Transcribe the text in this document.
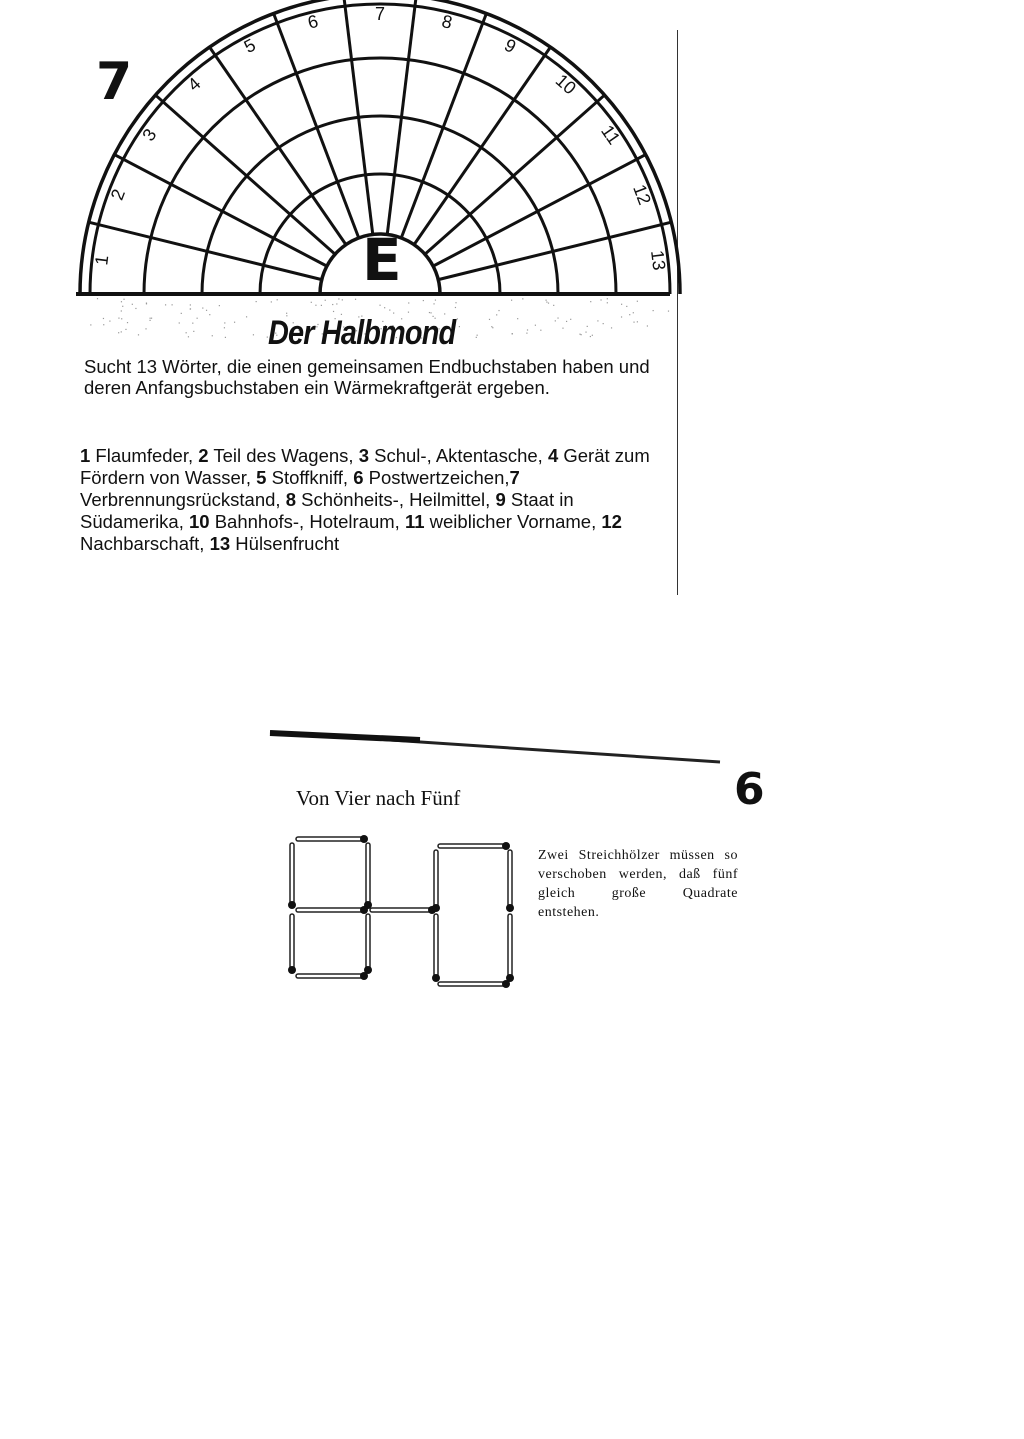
1
2
3
4
5
6	7	8
9
10
11
12
13
7
E
Der Halbmond
Sucht 13 Wörter, die einen gemeinsamen Endbuchstaben haben und deren Anfangsbuchstaben ein Wärmekraftgerät ergeben.
1 Flaumfeder, 2 Teil des Wagens, 3 Schul-, Aktentasche, 4 Gerät zum Fördern von Wasser, 5 Stoffkniff, 6 Postwertzeichen,7 Verbrennungsrückstand, 8 Schönheits-, Heilmittel, 9 Staat in Südamerika, 10 Bahnhofs-, Hotelraum, 11 weiblicher Vorname, 12 Nachbarschaft, 13 Hülsenfrucht
Von Vier nach Fünf	6
Zwei Streichhölzer müssen so verschoben werden, daß fünf gleich große Quadrate entstehen.
